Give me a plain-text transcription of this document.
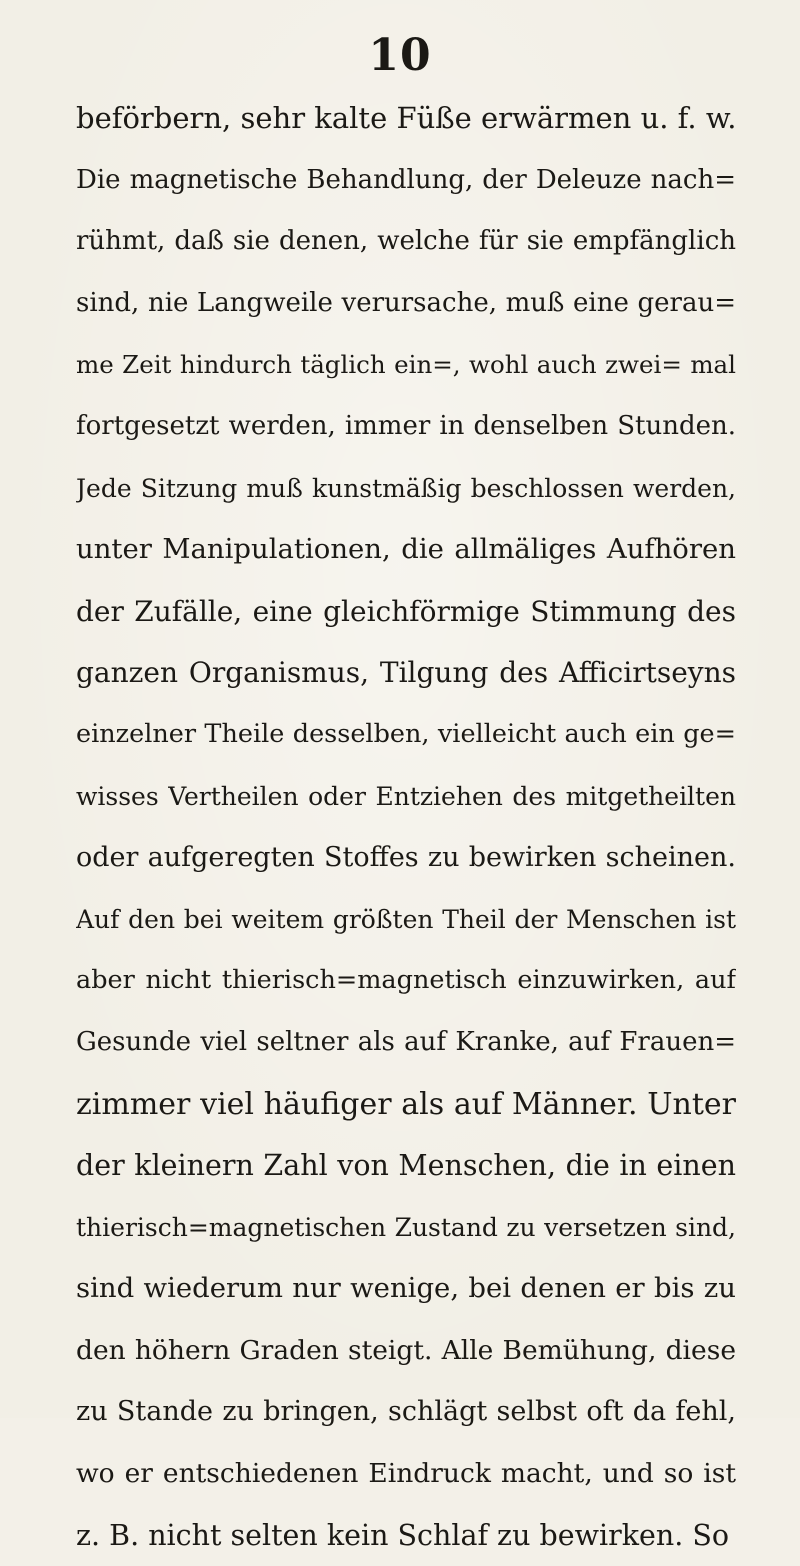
10
beförbern, sehr kalte Füße erwärmen u. f. w.
Die magnetische Behandlung, der Deleuze nach=
rühmt, daß sie denen, welche für sie empfänglich
sind, nie Langweile verursache, muß eine gerau=
me Zeit hindurch täglich ein=, wohl auch zwei= mal
fortgesetzt werden, immer in denselben Stunden.
Jede Sitzung muß kunstmäßig beschlossen werden,
unter Manipulationen, die allmäliges Aufhören
der Zufälle, eine gleichförmige Stimmung des
ganzen Organismus, Tilgung des Afficirtseyns
einzelner Theile desselben, vielleicht auch ein ge=
wisses Vertheilen oder Entziehen des mitgetheilten
oder aufgeregten Stoffes zu bewirken scheinen.
Auf den bei weitem größten Theil der Menschen ist
aber nicht thierisch=magnetisch einzuwirken, auf
Gesunde viel seltner als auf Kranke, auf Frauen=
zimmer viel häufiger als auf Männer. Unter
der kleinern Zahl von Menschen, die in einen
thierisch=magnetischen Zustand zu versetzen sind,
sind wiederum nur wenige, bei denen er bis zu
den höhern Graden steigt. Alle Bemühung, diese
zu Stande zu bringen, schlägt selbst oft da fehl,
wo er entschiedenen Eindruck macht, und so ist
z. B. nicht selten kein Schlaf zu bewirken. So
